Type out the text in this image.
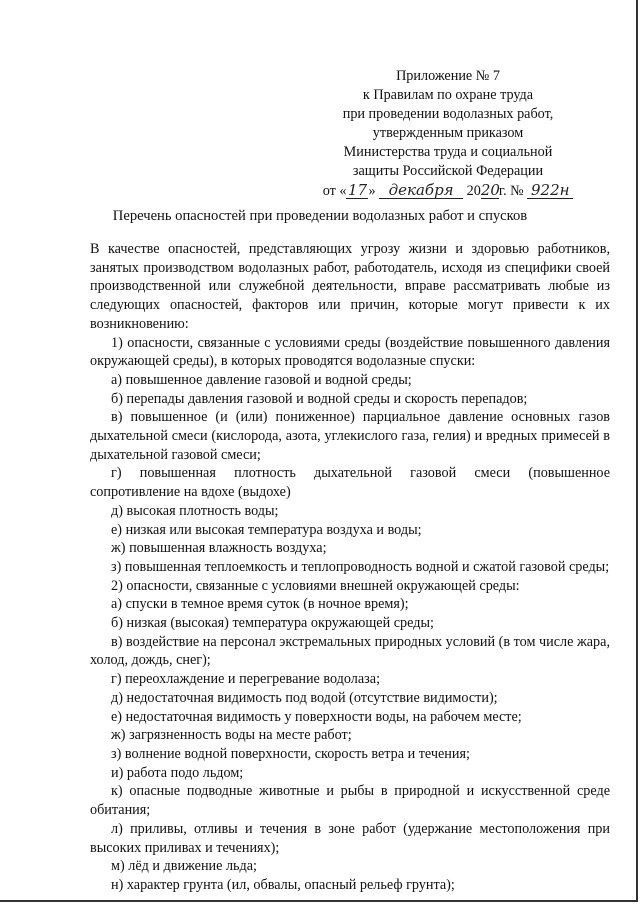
Приложение № 7
к Правилам по охране труда
при проведении водолазных работ,
утвержденным приказом
Министерства труда и социальной
защиты Российской Федерации
от «17» декабря 2020г. № 922н
Перечень опасностей при проведении водолазных работ и спусков

В качестве опасностей, представляющих угрозу жизни и здоровью работников, занятых производством водолазных работ, работодатель, исходя из специфики своей производственной или служебной деятельности, вправе рассматривать любые из следующих опасностей, факторов или причин, которые могут привести к их возникновению:

1) опасности, связанные с условиями среды (воздействие повышенного давления окружающей среды), в которых проводятся водолазные спуски:

а) повышенное давление газовой и водной среды;

б) перепады давления газовой и водной среды и скорость перепадов;

в) повышенное (и (или) пониженное) парциальное давление основных газов дыхательной смеси (кислорода, азота, углекислого газа, гелия) и вредных примесей в дыхательной газовой смеси;

г) повышенная плотность дыхательной газовой смеси (повышенное сопротивление на вдохе (выдохе)

д) высокая плотность воды;

е) низкая или высокая температура воздуха и воды;

ж) повышенная влажность воздуха;

з) повышенная теплоемкость и теплопроводность водной и сжатой газовой среды;

2) опасности, связанные с условиями внешней окружающей среды:

а) спуски в темное время суток (в ночное время);

б) низкая (высокая) температура окружающей среды;

в) воздействие на персонал экстремальных природных условий (в том числе жара, холод, дождь, снег);

г) переохлаждение и перегревание водолаза;

д) недостаточная видимость под водой (отсутствие видимости);

е) недостаточная видимость у поверхности воды, на рабочем месте;

ж) загрязненность воды на месте работ;

з) волнение водной поверхности, скорость ветра и течения;

и) работа подо льдом;

к) опасные подводные животные и рыбы в природной и искусственной среде обитания;

л) приливы, отливы и течения в зоне работ (удержание местоположения при высоких приливах и течениях);

м) лёд и движение льда;

н) характер грунта (ил, обвалы, опасный рельеф грунта);
